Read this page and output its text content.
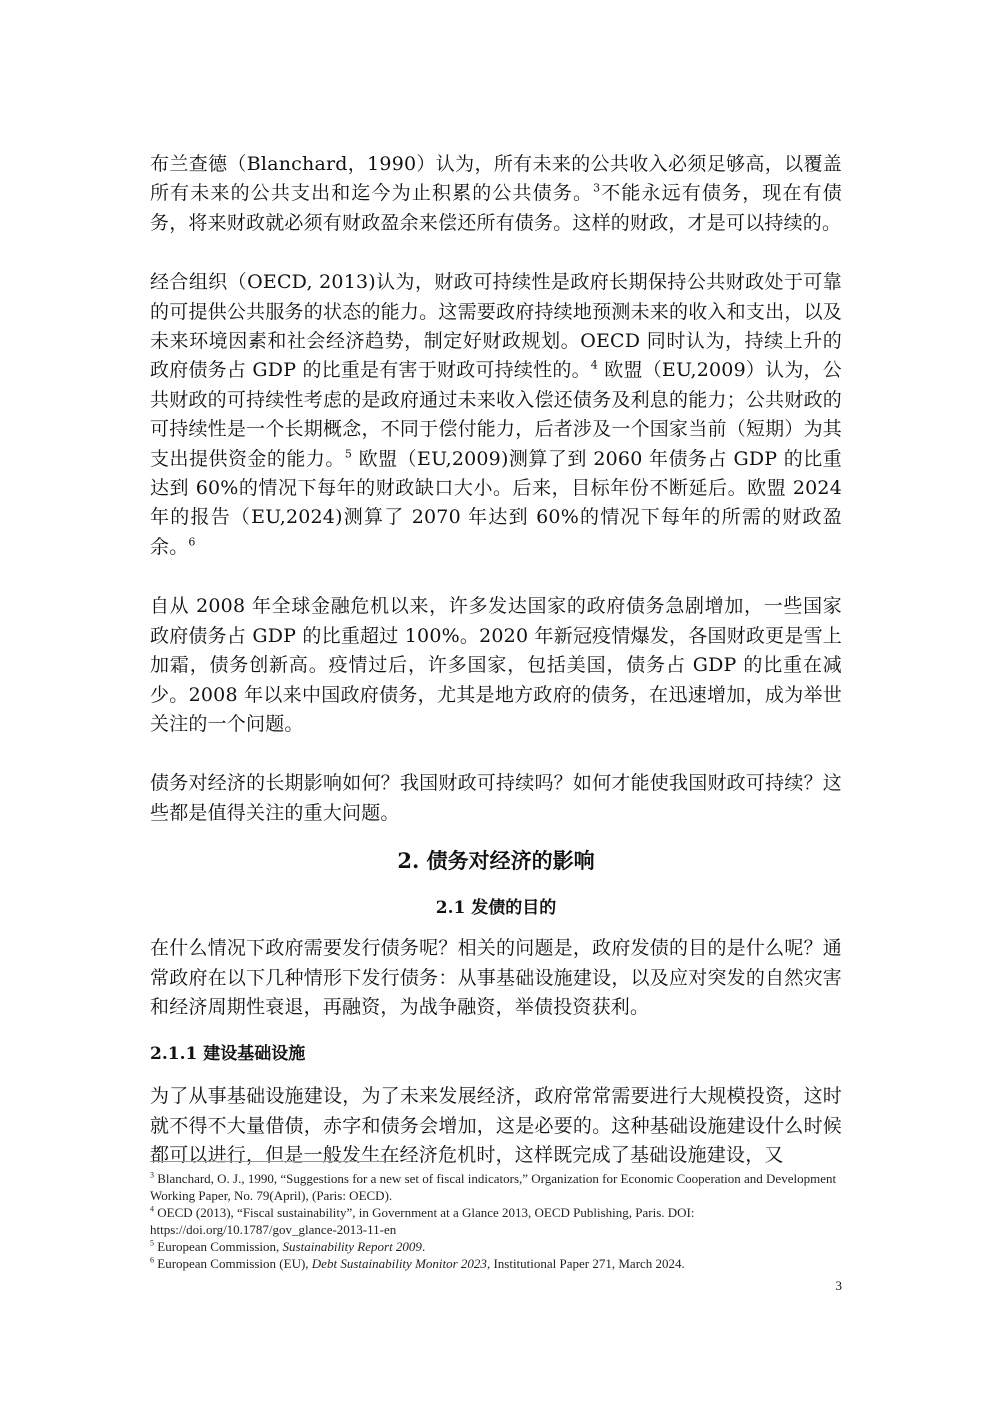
布兰查德（Blanchard，1990）认为，所有未来的公共收入必须足够高，以覆盖所有未来的公共支出和迄今为止积累的公共债务。$^3$不能永远有债务，现在有债务，将来财政就必须有财政盈余来偿还所有债务。这样的财政，才是可以持续的。

经合组织（OECD, 2013)认为，财政可持续性是政府长期保持公共财政处于可靠的可提供公共服务的状态的能力。这需要政府持续地预测未来的收入和支出，以及未来环境因素和社会经济趋势，制定好财政规划。OECD 同时认为，持续上升的政府债务占 GDP 的比重是有害于财政可持续性的。$^4$ 欧盟（EU,2009）认为，公共财政的可持续性考虑的是政府通过未来收入偿还债务及利息的能力；公共财政的可持续性是一个长期概念，不同于偿付能力，后者涉及一个国家当前（短期）为其支出提供资金的能力。$^5$ 欧盟（EU,2009)测算了到 2060 年债务占 GDP 的比重达到 60%的情况下每年的财政缺口大小。后来，目标年份不断延后。欧盟 2024 年的报告（EU,2024)测算了 2070 年达到 60%的情况下每年的所需的财政盈余。$^6$

自从 2008 年全球金融危机以来，许多发达国家的政府债务急剧增加，一些国家政府债务占 GDP 的比重超过 100%。2020 年新冠疫情爆发，各国财政更是雪上加霜，债务创新高。疫情过后，许多国家，包括美国，债务占 GDP 的比重在减少。2008 年以来中国政府债务，尤其是地方政府的债务，在迅速增加，成为举世关注的一个问题。

债务对经济的长期影响如何？我国财政可持续吗？如何才能使我国财政可持续？这些都是值得关注的重大问题。

2. 债务对经济的影响
2.1 发债的目的

在什么情况下政府需要发行债务呢？相关的问题是，政府发债的目的是什么呢？通常政府在以下几种情形下发行债务：从事基础设施建设，以及应对突发的自然灾害和经济周期性衰退，再融资，为战争融资，举债投资获利。

2.1.1 建设基础设施

为了从事基础设施建设，为了未来发展经济，政府常常需要进行大规模投资，这时就不得不大量借债，赤字和债务会增加，这是必要的。这种基础设施建设什么时候都可以进行，但是一般发生在经济危机时，这样既完成了基础设施建设，又

$^3$ Blanchard, O. J., 1990, “Suggestions for a new set of fiscal indicators,” Organization for Economic Cooperation and Development Working Paper, No. 79(April), (Paris: OECD).

$^4$ OECD (2013), “Fiscal sustainability”, in Government at a Glance 2013, OECD Publishing, Paris. DOI: https://doi.org/10.1787/gov_glance-2013-11-en

$^5$ European Commission, Sustainability Report 2009.

$^6$ European Commission (EU), Debt Sustainability Monitor 2023, Institutional Paper 271, March 2024.

3
